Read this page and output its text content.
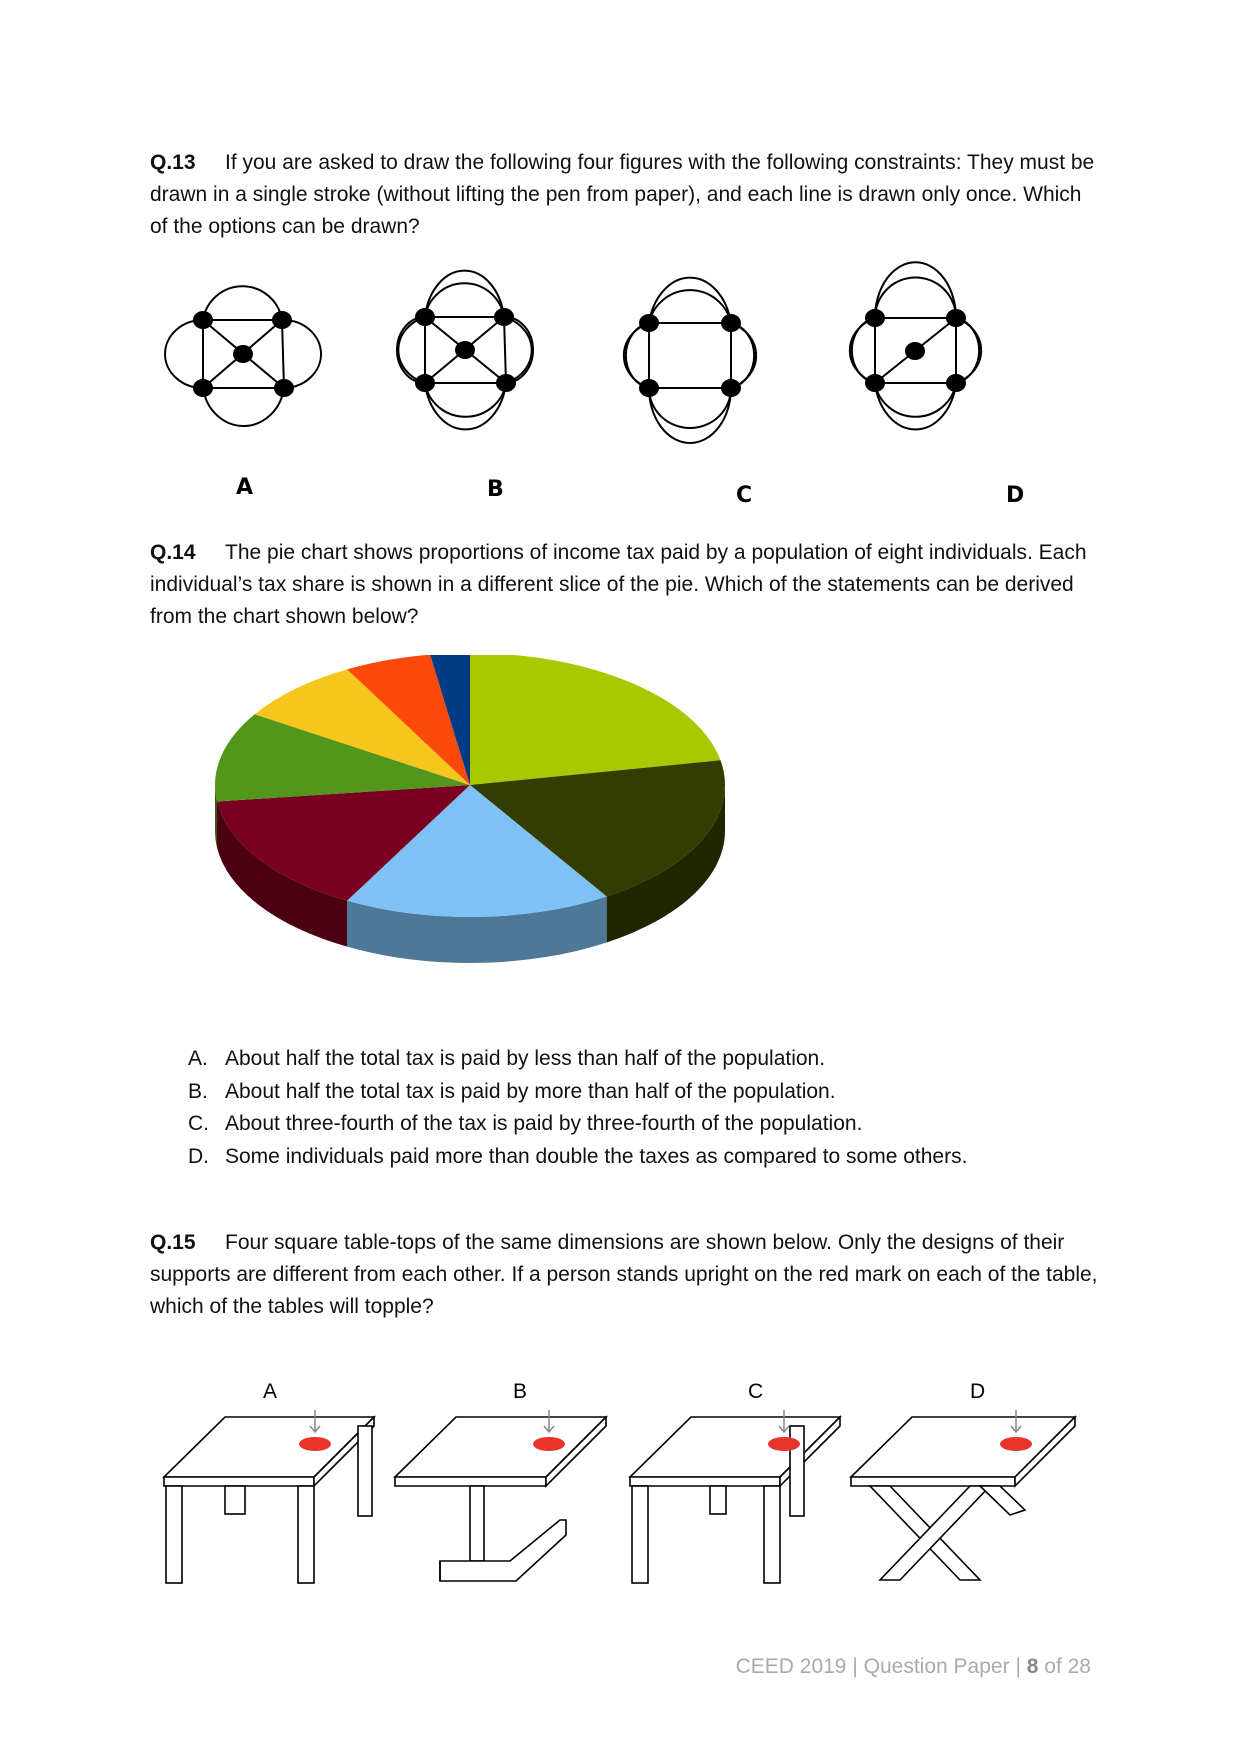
Q.13 If you are asked to draw the following four figures with the following constraints: They must be drawn in a single stroke (without lifting the pen from paper), and each line is drawn only once. Which of the options can be drawn?
A	B	C	D
Q.14 The pie chart shows proportions of income tax paid by a population of eight individuals. Each individual’s tax share is shown in a different slice of the pie. Which of the statements can be derived from the chart shown below?
A. About half the total tax is paid by less than half of the population.
B. About half the total tax is paid by more than half of the population.
C. About three-fourth of the tax is paid by three-fourth of the population.
D. Some individuals paid more than double the taxes as compared to some others.
Q.15 Four square table-tops of the same dimensions are shown below. Only the designs of their supports are different from each other. If a person stands upright on the red mark on each of the table, which of the tables will topple?
A	B	C	D
CEED 2019 | Question Paper | 8 of 28
